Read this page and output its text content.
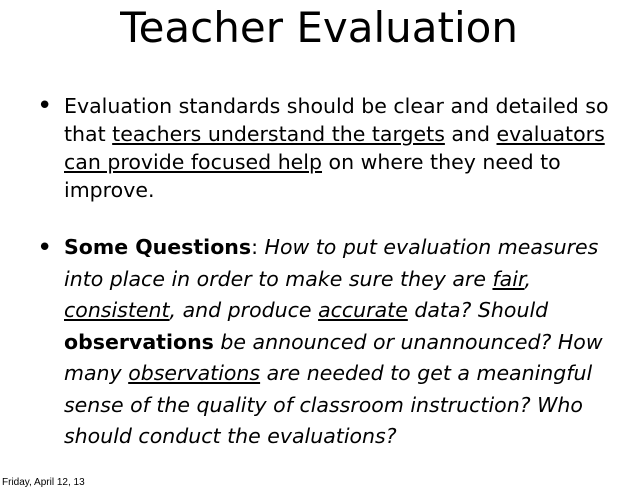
Teacher Evaluation
• Evaluation standards should be clear and detailed so that teachers understand the targets and evaluators can provide focused help on where they need to improve.
• Some Questions: How to put evaluation measures into place in order to make sure they are fair, consistent, and produce accurate data? Should observations be announced or unannounced? How many observations are needed to get a meaningful sense of the quality of classroom instruction? Who should conduct the evaluations?
Friday, April 12, 13
